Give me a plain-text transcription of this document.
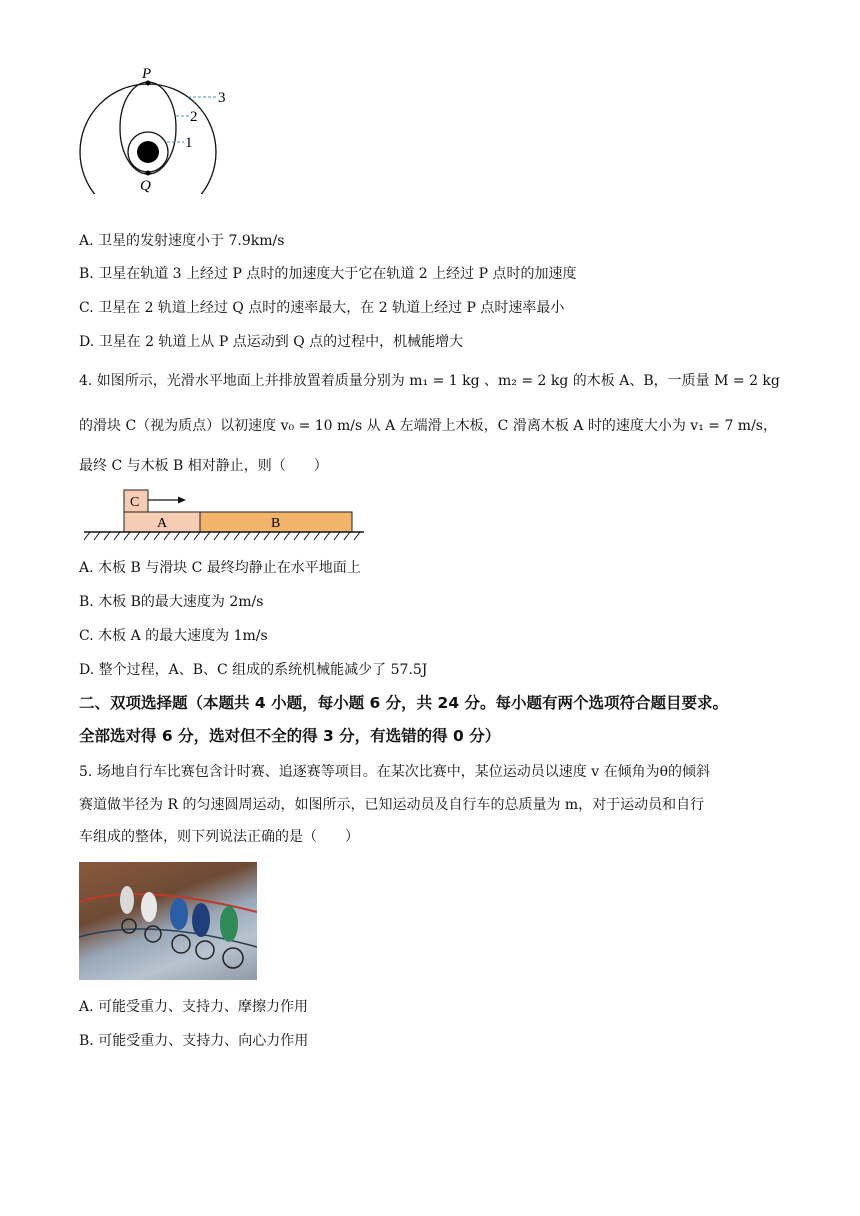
P
Q
3
2
1
A. 卫星的发射速度小于 7.9km/s
B. 卫星在轨道 3 上经过 P 点时的加速度大于它在轨道 2 上经过 P 点时的加速度
C. 卫星在 2 轨道上经过 Q 点时的速率最大，在 2 轨道上经过 P 点时速率最小
D. 卫星在 2 轨道上从 P 点运动到 Q 点的过程中，机械能增大
4. 如图所示，光滑水平地面上并排放置着质量分别为 m₁ = 1 kg 、m₂ = 2 kg 的木板 A、B，一质量 M = 2 kg
的滑块 C（视为质点）以初速度 v₀ = 10 m/s 从 A 左端滑上木板，C 滑离木板 A 时的速度大小为 v₁ = 7 m/s，
最终 C 与木板 B 相对静止，则（　　）
C
A	B
A. 木板 B 与滑块 C 最终均静止在水平地面上
B. 木板 B的最大速度为 2m/s
C. 木板 A 的最大速度为 1m/s
D. 整个过程，A、B、C 组成的系统机械能减少了 57.5J
二、双项选择题（本题共 4 小题，每小题 6 分，共 24 分。每小题有两个选项符合题目要求。
全部选对得 6 分，选对但不全的得 3 分，有选错的得 0 分）
5. 场地自行车比赛包含计时赛、追逐赛等项目。在某次比赛中，某位运动员以速度 v 在倾角为θ的倾斜
赛道做半径为 R 的匀速圆周运动，如图所示，已知运动员及自行车的总质量为 m，对于运动员和自行
车组成的整体，则下列说法正确的是（　　）
A. 可能受重力、支持力、摩擦力作用
B. 可能受重力、支持力、向心力作用
